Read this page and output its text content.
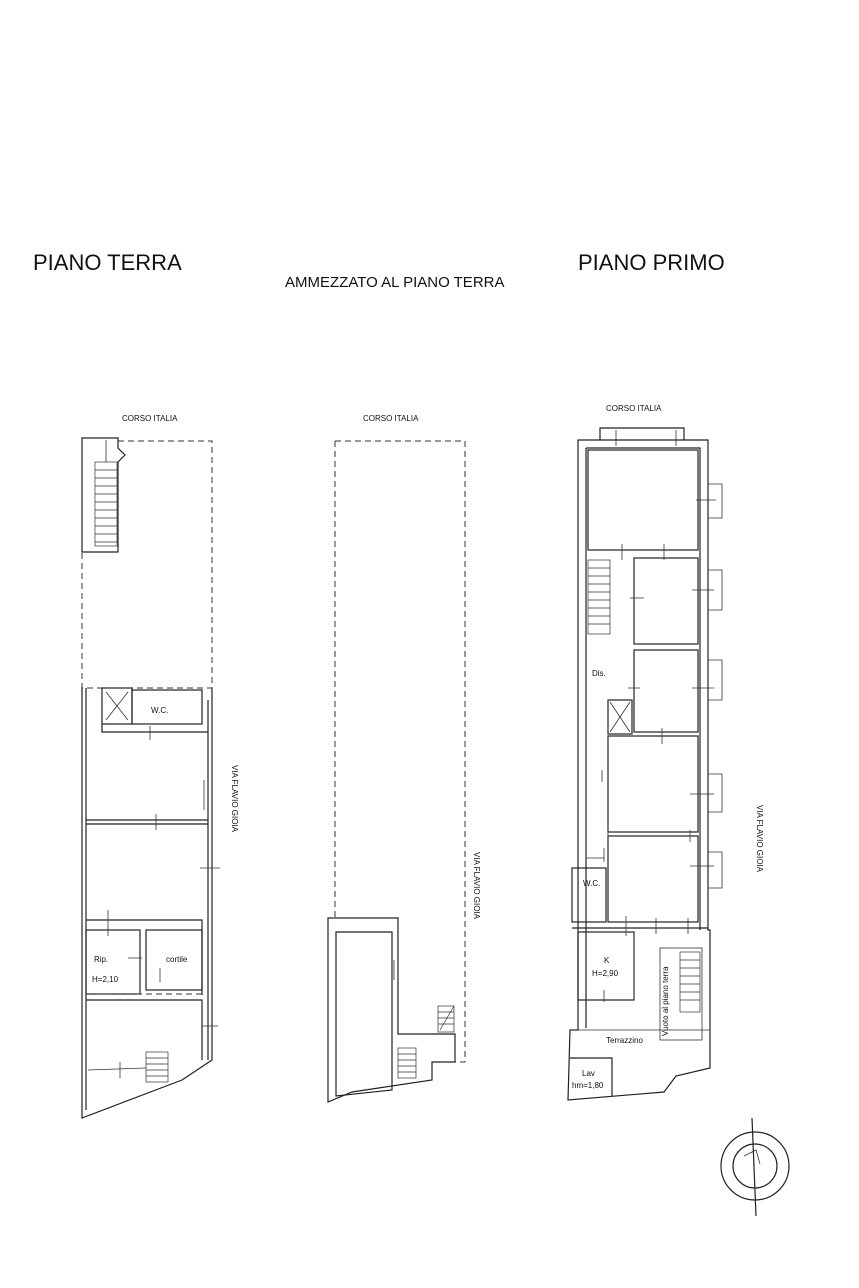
PIANO TERRA
AMMEZZATO AL PIANO TERRA
PIANO PRIMO
CORSO ITALIA
W.C.
Rip.
H=2,10
cortile
VIA FLAVIO GIOIA
CORSO ITALIA
VIA FLAVIO GIOIA
CORSO ITALIA
Dis.
W.C.
K
H=2,90	Vuoto al piano terra
Terrazzino
Lav
hm=1,80
VIA FLAVIO GIOIA
